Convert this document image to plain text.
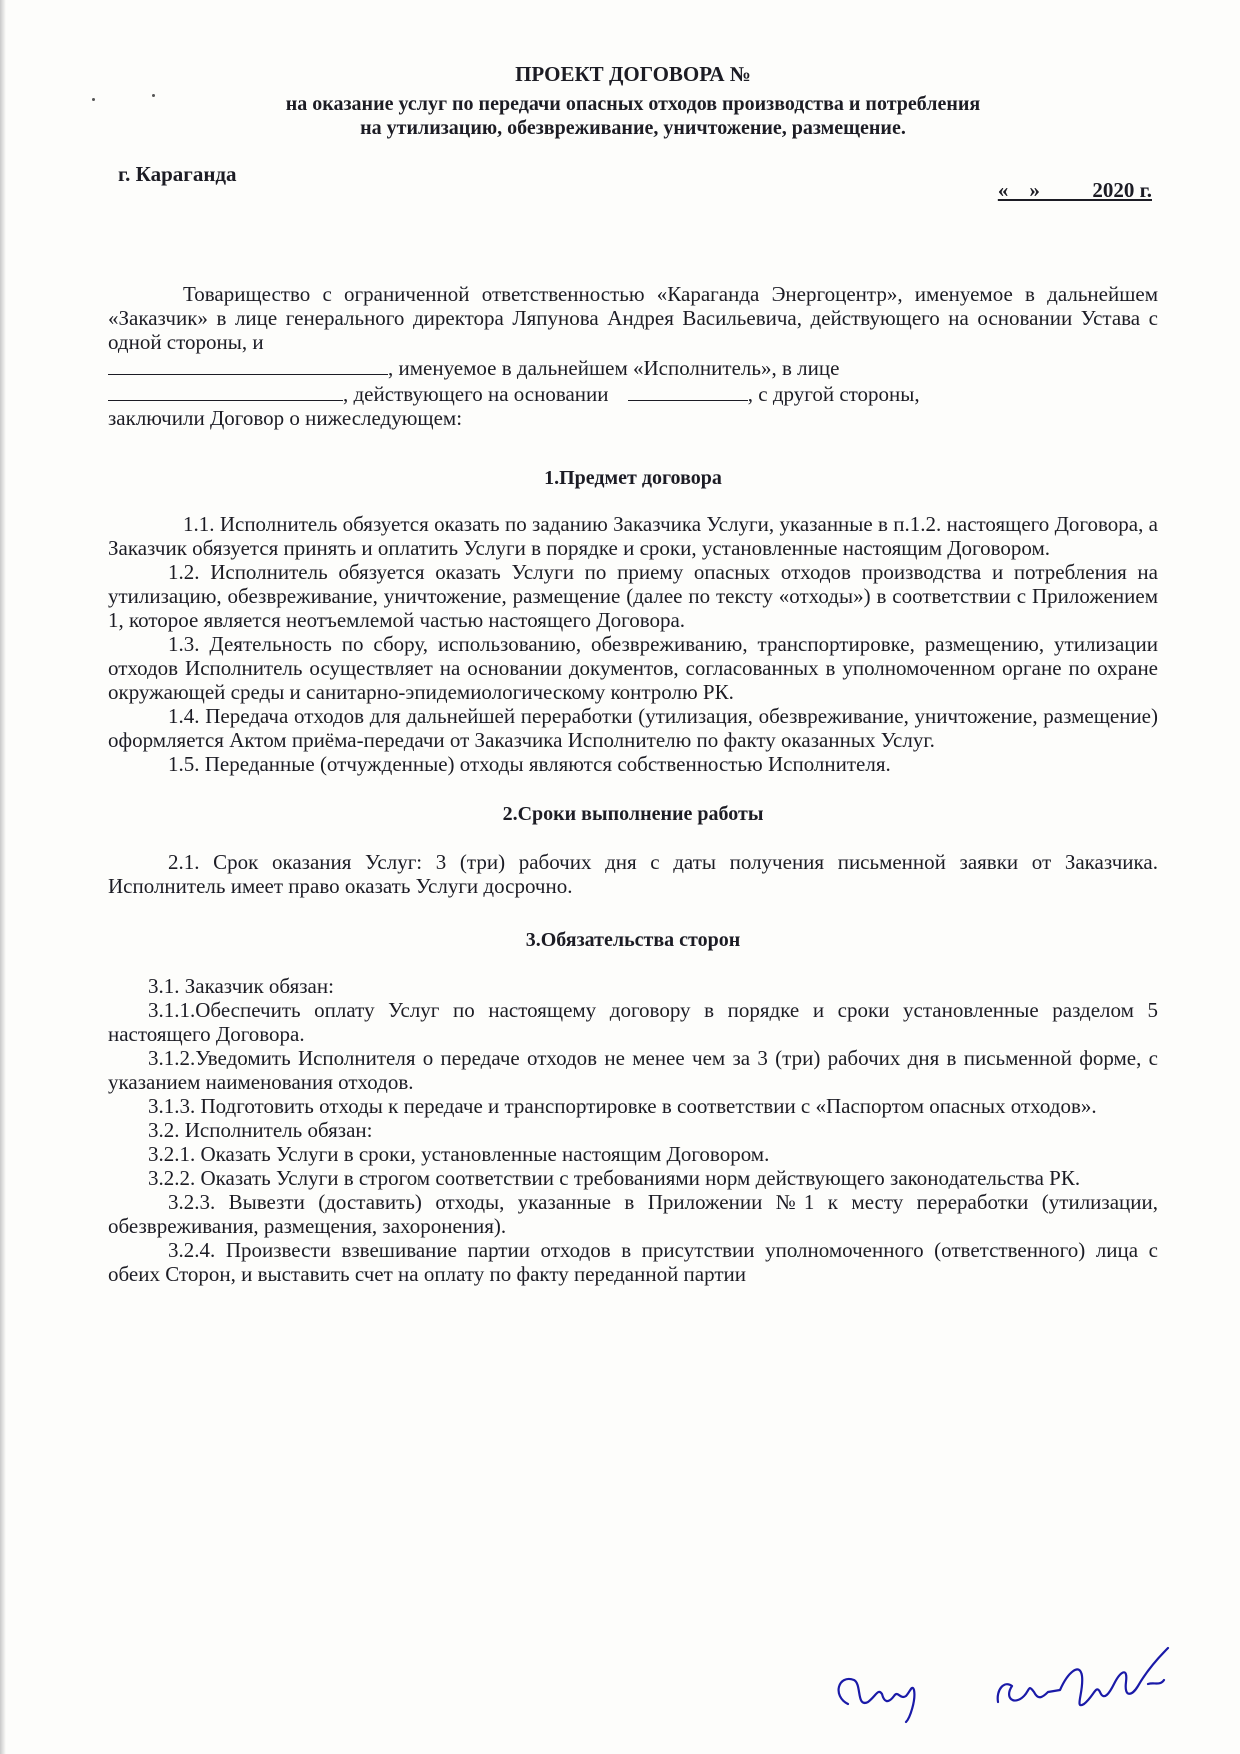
ПРОЕКТ ДОГОВОРА №

на оказание услуг по передачи опасных отходов производства и потребления

на утилизацию, обезвреживание, уничтожение, размещение.

г. Караганда
«    »          2020 г.

Товарищество с ограниченной ответственностью «Караганда Энергоцентр», именуемое в дальнейшем «Заказчик» в лице генерального директора Ляпунова Андрея Васильевича, действующего на основании Устава с одной стороны, и

, именуемое в дальнейшем «Исполнитель», в лице

, действующего на основании	, с другой стороны,

заключили Договор о нижеследующем:

1.Предмет договора

1.1. Исполнитель обязуется оказать по заданию Заказчика Услуги, указанные в п.1.2. настоящего Договора, а Заказчик обязуется принять и оплатить Услуги в порядке и сроки, установленные настоящим Договором.

1.2. Исполнитель обязуется оказать Услуги по приему опасных отходов производства и потребления на утилизацию, обезвреживание, уничтожение, размещение (далее по тексту «отходы») в соответствии с Приложением 1, которое является неотъемлемой частью настоящего Договора.

1.3. Деятельность по сбору, использованию, обезвреживанию, транспортировке, размещению, утилизации отходов Исполнитель осуществляет на основании документов, согласованных в уполномоченном органе по охране окружающей среды и санитарно-эпидемиологическому контролю РК.

1.4. Передача отходов для дальнейшей переработки (утилизация, обезвреживание, уничтожение, размещение) оформляется Актом приёма-передачи от Заказчика Исполнителю по факту оказанных Услуг.

1.5. Переданные (отчужденные) отходы являются собственностью Исполнителя.

2.Сроки выполнение работы

2.1. Срок оказания Услуг: 3 (три) рабочих дня с даты получения письменной заявки от Заказчика. Исполнитель имеет право оказать Услуги досрочно.

3.Обязательства сторон

3.1. Заказчик обязан:

3.1.1.Обеспечить оплату Услуг по настоящему договору в порядке и сроки установленные разделом 5 настоящего Договора.

3.1.2.Уведомить Исполнителя о передаче отходов не менее чем за 3 (три) рабочих дня в письменной форме, с указанием наименования отходов.

3.1.3. Подготовить отходы к передаче и транспортировке в соответствии с «Паспортом опасных отходов».

3.2. Исполнитель обязан:

3.2.1. Оказать Услуги в сроки, установленные настоящим Договором.

3.2.2. Оказать Услуги в строгом соответствии с требованиями норм действующего законодательства РК.

3.2.3. Вывезти (доставить) отходы, указанные в Приложении №1 к месту переработки (утилизации, обезвреживания, размещения, захоронения).

3.2.4. Произвести взвешивание партии отходов в присутствии уполномоченного (ответственного) лица с обеих Сторон, и выставить счет на оплату по факту переданной партии
